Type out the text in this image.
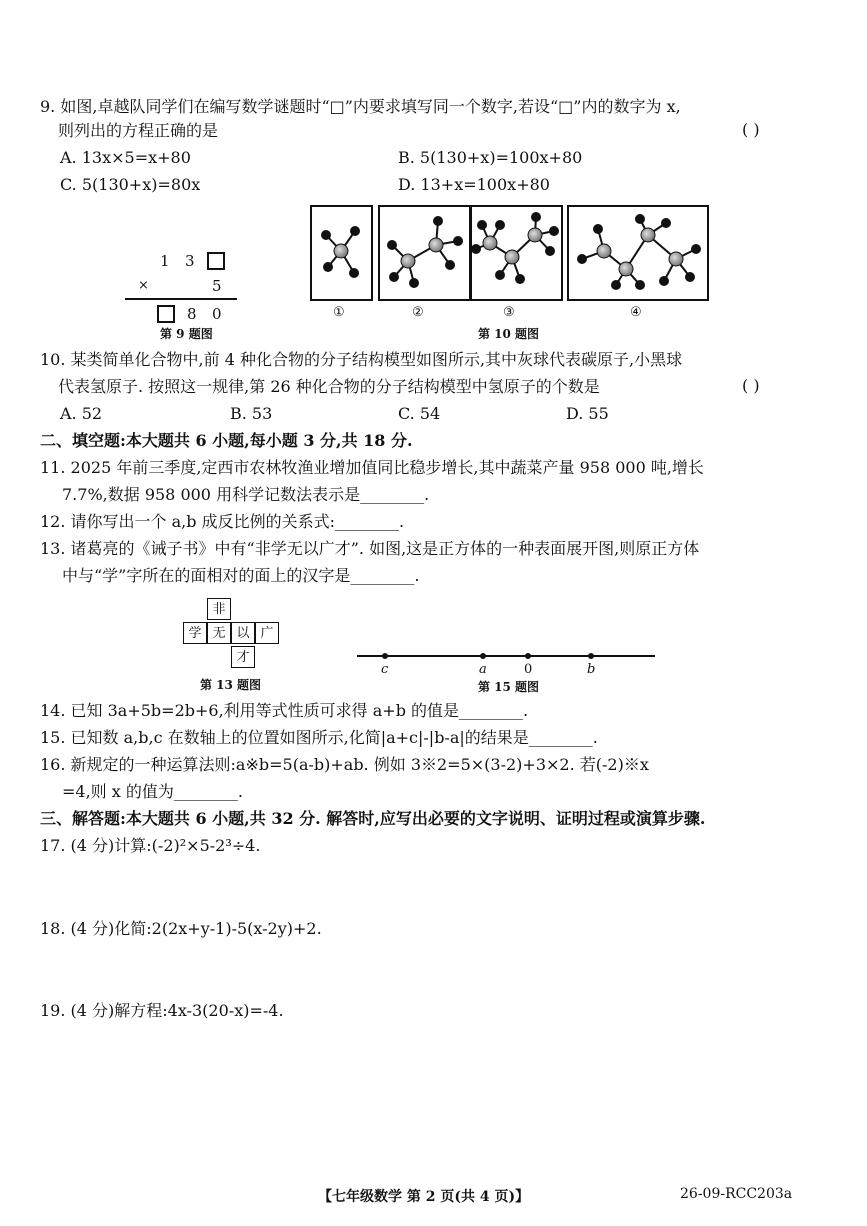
9. 如图,卓越队同学们在编写数学谜题时“□”内要求填写同一个数字,若设“□”内的数字为 x,
则列出的方程正确的是	( )
A. 13x×5=x+80	B. 5(130+x)=100x+80
C. 5(130+x)=80x	D. 13+x=100x+80
1 3
×	5
8 0
第 9 题图
①	②	③	④
第 10 题图
10. 某类简单化合物中,前 4 种化合物的分子结构模型如图所示,其中灰球代表碳原子,小黑球
代表氢原子. 按照这一规律,第 26 种化合物的分子结构模型中氢原子的个数是	( )
A. 52	B. 53	C. 54	D. 55
二、填空题:本大题共 6 小题,每小题 3 分,共 18 分.
11. 2025 年前三季度,定西市农林牧渔业增加值同比稳步增长,其中蔬菜产量 958 000 吨,增长
7.7%,数据 958 000 用科学记数法表示是________.
12. 请你写出一个 a,b 成反比例的关系式:________.
13. 诸葛亮的《诫子书》中有“非学无以广才”. 如图,这是正方体的一种表面展开图,则原正方体
中与“学”字所在的面相对的面上的汉字是________.
非
学 无 以 广
才
第 13 题图
c	a	0	b
第 15 题图
14. 已知 3a+5b=2b+6,利用等式性质可求得 a+b 的值是________.
15. 已知数 a,b,c 在数轴上的位置如图所示,化简|a+c|-|b-a|的结果是________.
16. 新规定的一种运算法则:a※b=5(a-b)+ab. 例如 3※2=5×(3-2)+3×2. 若(-2)※x
=4,则 x 的值为________.
三、解答题:本大题共 6 小题,共 32 分. 解答时,应写出必要的文字说明、证明过程或演算步骤.
17. (4 分)计算:(-2)²×5-2³÷4.
18. (4 分)化简:2(2x+y-1)-5(x-2y)+2.
19. (4 分)解方程:4x-3(20-x)=-4.
【七年级数学 第 2 页(共 4 页)】	26-09-RCC203a
